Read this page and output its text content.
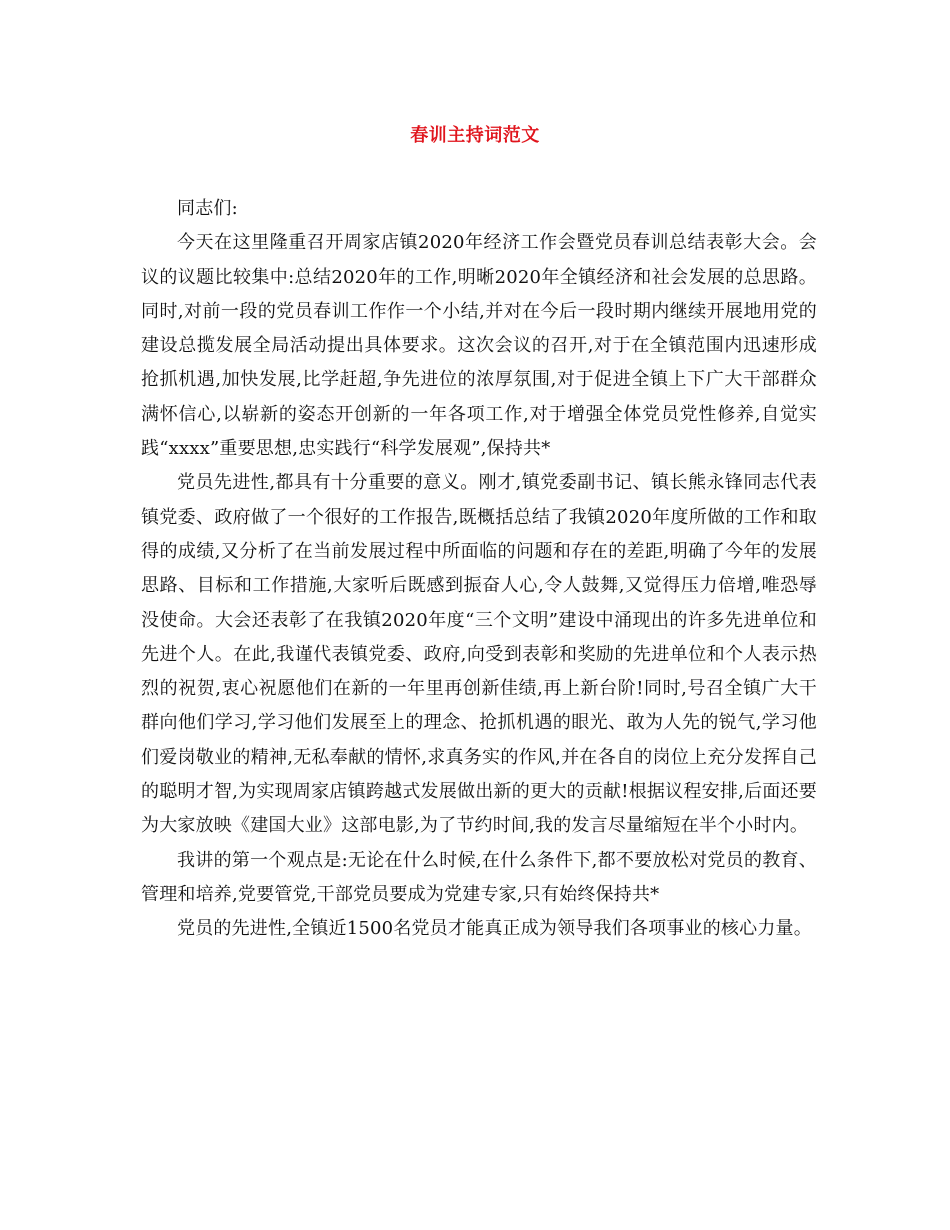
春训主持词范文

同志们:

今天在这里隆重召开周家店镇2020年经济工作会暨党员春训总结表彰大会。会议的议题比较集中:总结2020年的工作,明晰2020年全镇经济和社会发展的总思路。同时,对前一段的党员春训工作作一个小结,并对在今后一段时期内继续开展地用党的建设总揽发展全局活动提出具体要求。这次会议的召开,对于在全镇范围内迅速形成抢抓机遇,加快发展,比学赶超,争先进位的浓厚氛围,对于促进全镇上下广大干部群众满怀信心,以崭新的姿态开创新的一年各项工作,对于增强全体党员党性修养,自觉实践“xxxx”重要思想,忠实践行“科学发展观”,保持共*

党员先进性,都具有十分重要的意义。刚才,镇党委副书记、镇长熊永锋同志代表镇党委、政府做了一个很好的工作报告,既概括总结了我镇2020年度所做的工作和取得的成绩,又分析了在当前发展过程中所面临的问题和存在的差距,明确了今年的发展思路、目标和工作措施,大家听后既感到振奋人心,令人鼓舞,又觉得压力倍增,唯恐辱没使命。大会还表彰了在我镇2020年度“三个文明”建设中涌现出的许多先进单位和先进个人。在此,我谨代表镇党委、政府,向受到表彰和奖励的先进单位和个人表示热烈的祝贺,衷心祝愿他们在新的一年里再创新佳绩,再上新台阶!同时,号召全镇广大干群向他们学习,学习他们发展至上的理念、抢抓机遇的眼光、敢为人先的锐气,学习他们爱岗敬业的精神,无私奉献的情怀,求真务实的作风,并在各自的岗位上充分发挥自己的聪明才智,为实现周家店镇跨越式发展做出新的更大的贡献!根据议程安排,后面还要为大家放映《建国大业》这部电影,为了节约时间,我的发言尽量缩短在半个小时内。

我讲的第一个观点是:无论在什么时候,在什么条件下,都不要放松对党员的教育、管理和培养,党要管党,干部党员要成为党建专家,只有始终保持共*

党员的先进性,全镇近1500名党员才能真正成为领导我们各项事业的核心力量。
